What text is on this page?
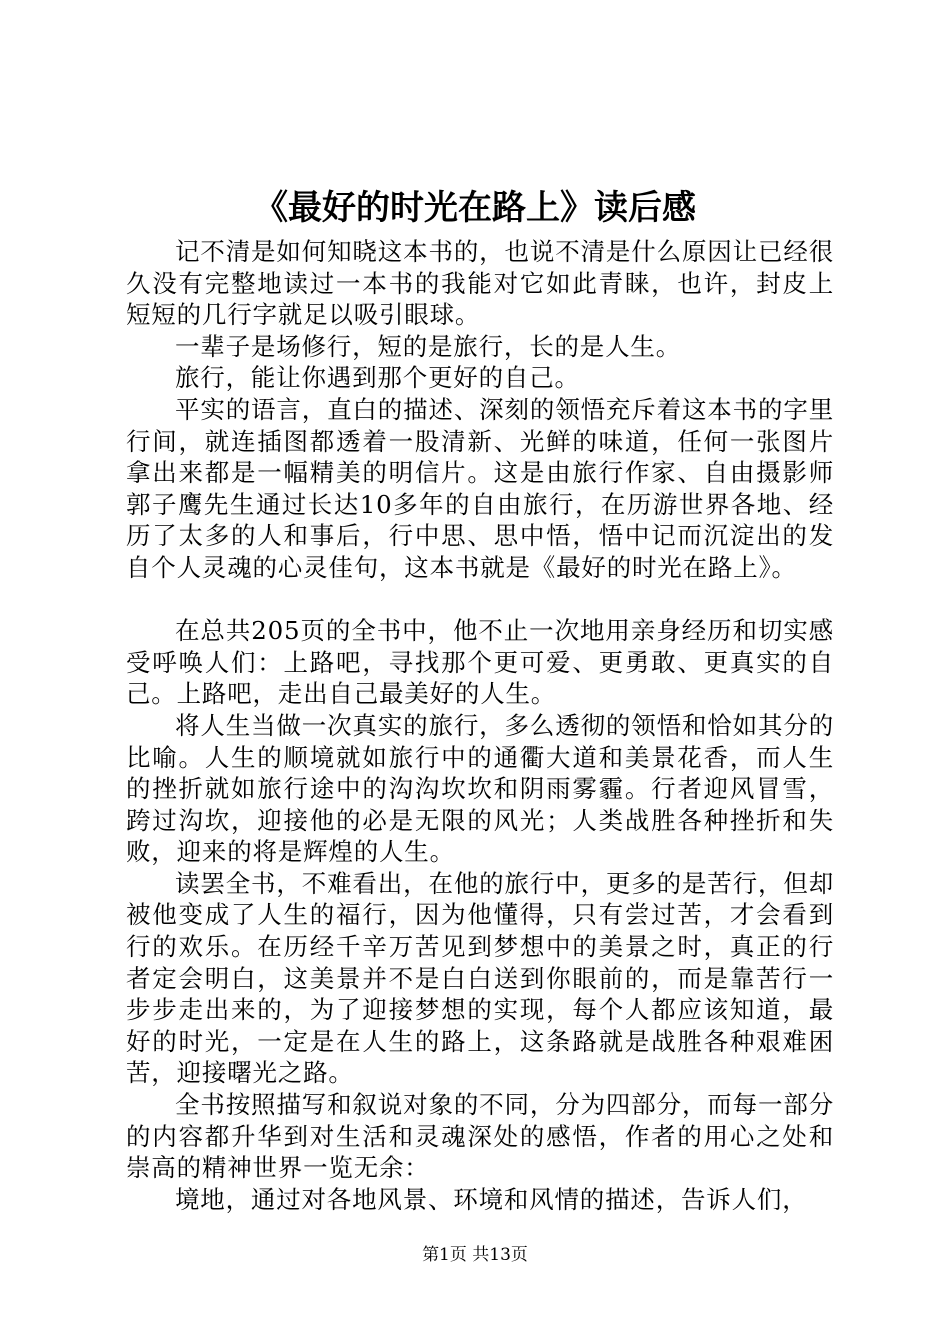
《最好的时光在路上》读后感

记不清是如何知晓这本书的，也说不清是什么原因让已经很久没有完整地读过一本书的我能对它如此青睐，也许，封皮上短短的几行字就足以吸引眼球。

一辈子是场修行，短的是旅行，长的是人生。

旅行，能让你遇到那个更好的自己。

平实的语言，直白的描述、深刻的领悟充斥着这本书的字里行间，就连插图都透着一股清新、光鲜的味道，任何一张图片拿出来都是一幅精美的明信片。这是由旅行作家、自由摄影师郭子鹰先生通过长达10多年的自由旅行，在历游世界各地、经历了太多的人和事后，行中思、思中悟，悟中记而沉淀出的发自个人灵魂的心灵佳句，这本书就是《最好的时光在路上》。

在总共205页的全书中，他不止一次地用亲身经历和切实感受呼唤人们：上路吧，寻找那个更可爱、更勇敢、更真实的自己。上路吧，走出自己最美好的人生。

将人生当做一次真实的旅行，多么透彻的领悟和恰如其分的比喻。人生的顺境就如旅行中的通衢大道和美景花香，而人生的挫折就如旅行途中的沟沟坎坎和阴雨雾霾。行者迎风冒雪，跨过沟坎，迎接他的必是无限的风光；人类战胜各种挫折和失败，迎来的将是辉煌的人生。

读罢全书，不难看出，在他的旅行中，更多的是苦行，但却被他变成了人生的福行，因为他懂得，只有尝过苦，才会看到行的欢乐。在历经千辛万苦见到梦想中的美景之时，真正的行者定会明白，这美景并不是白白送到你眼前的，而是靠苦行一步步走出来的，为了迎接梦想的实现，每个人都应该知道，最好的时光，一定是在人生的路上，这条路就是战胜各种艰难困苦，迎接曙光之路。

全书按照描写和叙说对象的不同，分为四部分，而每一部分的内容都升华到对生活和灵魂深处的感悟，作者的用心之处和崇高的精神世界一览无余：

境地，通过对各地风景、环境和风情的描述，告诉人们，

第1页 共13页
